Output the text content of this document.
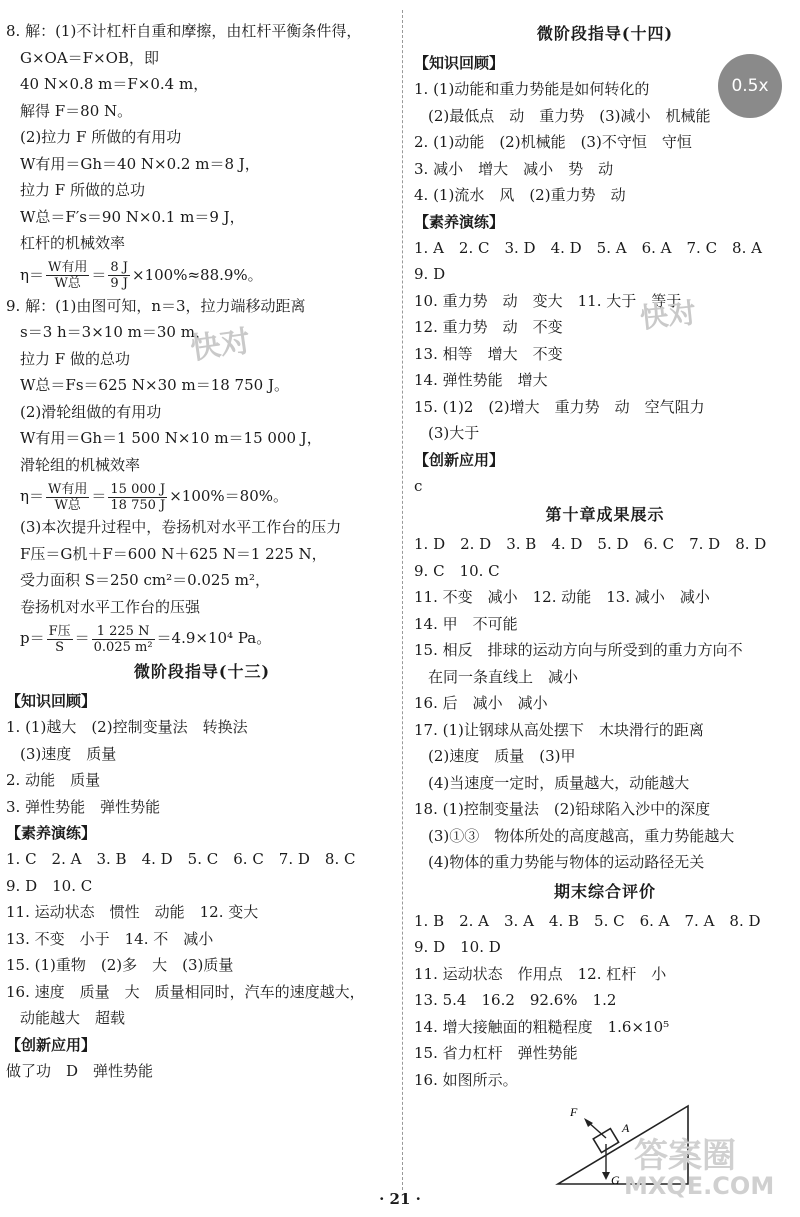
8. 解：(1)不计杠杆自重和摩擦，由杠杆平衡条件得，
G×OA＝F×OB，即
40 N×0.8 m＝F×0.4 m，
解得 F＝80 N。
(2)拉力 F 所做的有用功
W有用＝Gh＝40 N×0.2 m＝8 J，
拉力 F 所做的总功
W总＝F′s＝90 N×0.1 m＝9 J，
杠杆的机械效率
$\eta= \frac{\text{W有用}}{\text{W总}} = \frac{8 J}{9 J} \times 100\%\approx 88.9\%$。
9. 解：(1)由图可知，n＝3，拉力端移动距离
s＝3 h＝3×10 m＝30 m，
拉力 F 做的总功
W总＝Fs＝625 N×30 m＝18 750 J。
(2)滑轮组做的有用功
W有用＝Gh＝1 500 N×10 m＝15 000 J，
滑轮组的机械效率
$\eta= \frac{\text{W有用}}{\text{W总}} = \frac{15 000 J}{18 750 J} \times 100\%=80\%$。
(3)本次提升过程中，卷扬机对水平工作台的压力
F压＝G机＋F＝600 N＋625 N＝1 225 N，
受力面积 S＝250 cm²＝0.025 m²，
卷扬机对水平工作台的压强
$p= \frac{\text{F压}}{S} = \frac{1 225 N}{\text{0.025 m²}} =4.9\times 10^4$ Pa。
微阶段指导(十三)
【知识回顾】
1. (1)越大　(2)控制变量法　转换法
(3)速度　质量
2. 动能　质量
3. 弹性势能　弹性势能
【素养演练】
1. C　2. A　3. B　4. D　5. C　6. C　7. D　8. C
9. D　10. C
11. 运动状态　惯性　动能　12. 变大
13. 不变　小于　14. 不　减小
15. (1)重物　(2)多　大　(3)质量
16. 速度　质量　大　质量相同时，汽车的速度越大，
动能越大　超载
【创新应用】
做了功　D　弹性势能
微阶段指导(十四)
【知识回顾】
1. (1)动能和重力势能是如何转化的
(2)最低点　动　重力势　(3)减小　机械能
2. (1)动能　(2)机械能　(3)不守恒　守恒
3. 减小　增大　减小　势　动
4. (1)流水　风　(2)重力势　动
【素养演练】
1. A　2. C　3. D　4. D　5. A　6. A　7. C　8. A
9. D
10. 重力势　动　变大　11. 大于　等于
12. 重力势　动　不变
13. 相等　增大　不变
14. 弹性势能　增大
15. (1)2　(2)增大　重力势　动　空气阻力
(3)大于
【创新应用】
c
第十章成果展示
1. D　2. D　3. B　4. D　5. D　6. C　7. D　8. D
9. C　10. C
11. 不变　减小　12. 动能　13. 减小　减小
14. 甲　不可能
15. 相反　排球的运动方向与所受到的重力方向不
在同一条直线上　减小
16. 后　减小　减小
17. (1)让钢球从高处摆下　木块滑行的距离
(2)速度　质量　(3)甲
(4)当速度一定时，质量越大，动能越大
18. (1)控制变量法　(2)铅球陷入沙中的深度
(3)①③　物体所处的高度越高，重力势能越大
(4)物体的重力势能与物体的运动路径无关
期末综合评价
1. B　2. A　3. A　4. B　5. C　6. A　7. A　8. D
9. D　10. D
11. 运动状态　作用点　12. 杠杆　小
13. 5.4　16.2　92.6%　1.2
14. 增大接触面的粗糙程度　1.6×10⁵
15. 省力杠杆　弹性势能
16. 如图所示。
0.5x
F
A
G
快对
快对
答案圈
MXQE.COM
· 21 ·
